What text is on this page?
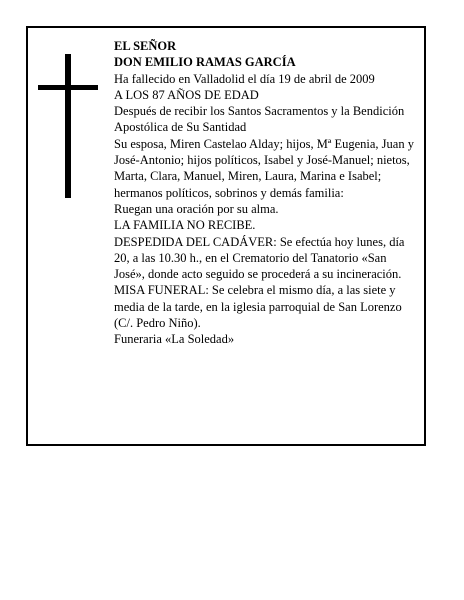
EL SEÑOR

DON EMILIO RAMAS GARCÍA

Ha fallecido en Valladolid el día 19 de abril de 2009

A LOS 87 AÑOS DE EDAD

Después de recibir los Santos Sacramentos y la Bendición Apostólica de Su Santidad

Su esposa, Miren Castelao Alday; hijos, Mª Eugenia, Juan y José-Antonio; hijos políticos, Isabel y José-Manuel; nietos, Marta, Clara, Manuel, Miren, Laura, Marina e Isabel; hermanos políticos, sobrinos y demás familia:

Ruegan una oración por su alma.

LA FAMILIA NO RECIBE.

DESPEDIDA DEL CADÁVER: Se efectúa hoy lunes, día 20, a las 10.30 h., en el Crematorio del Tanatorio «San José», donde acto seguido se procederá a su incineración.

MISA FUNERAL: Se celebra el mismo día, a las siete y media de la tarde, en la iglesia parroquial de San Lorenzo (C/. Pedro Niño).

Funeraria «La Soledad»
